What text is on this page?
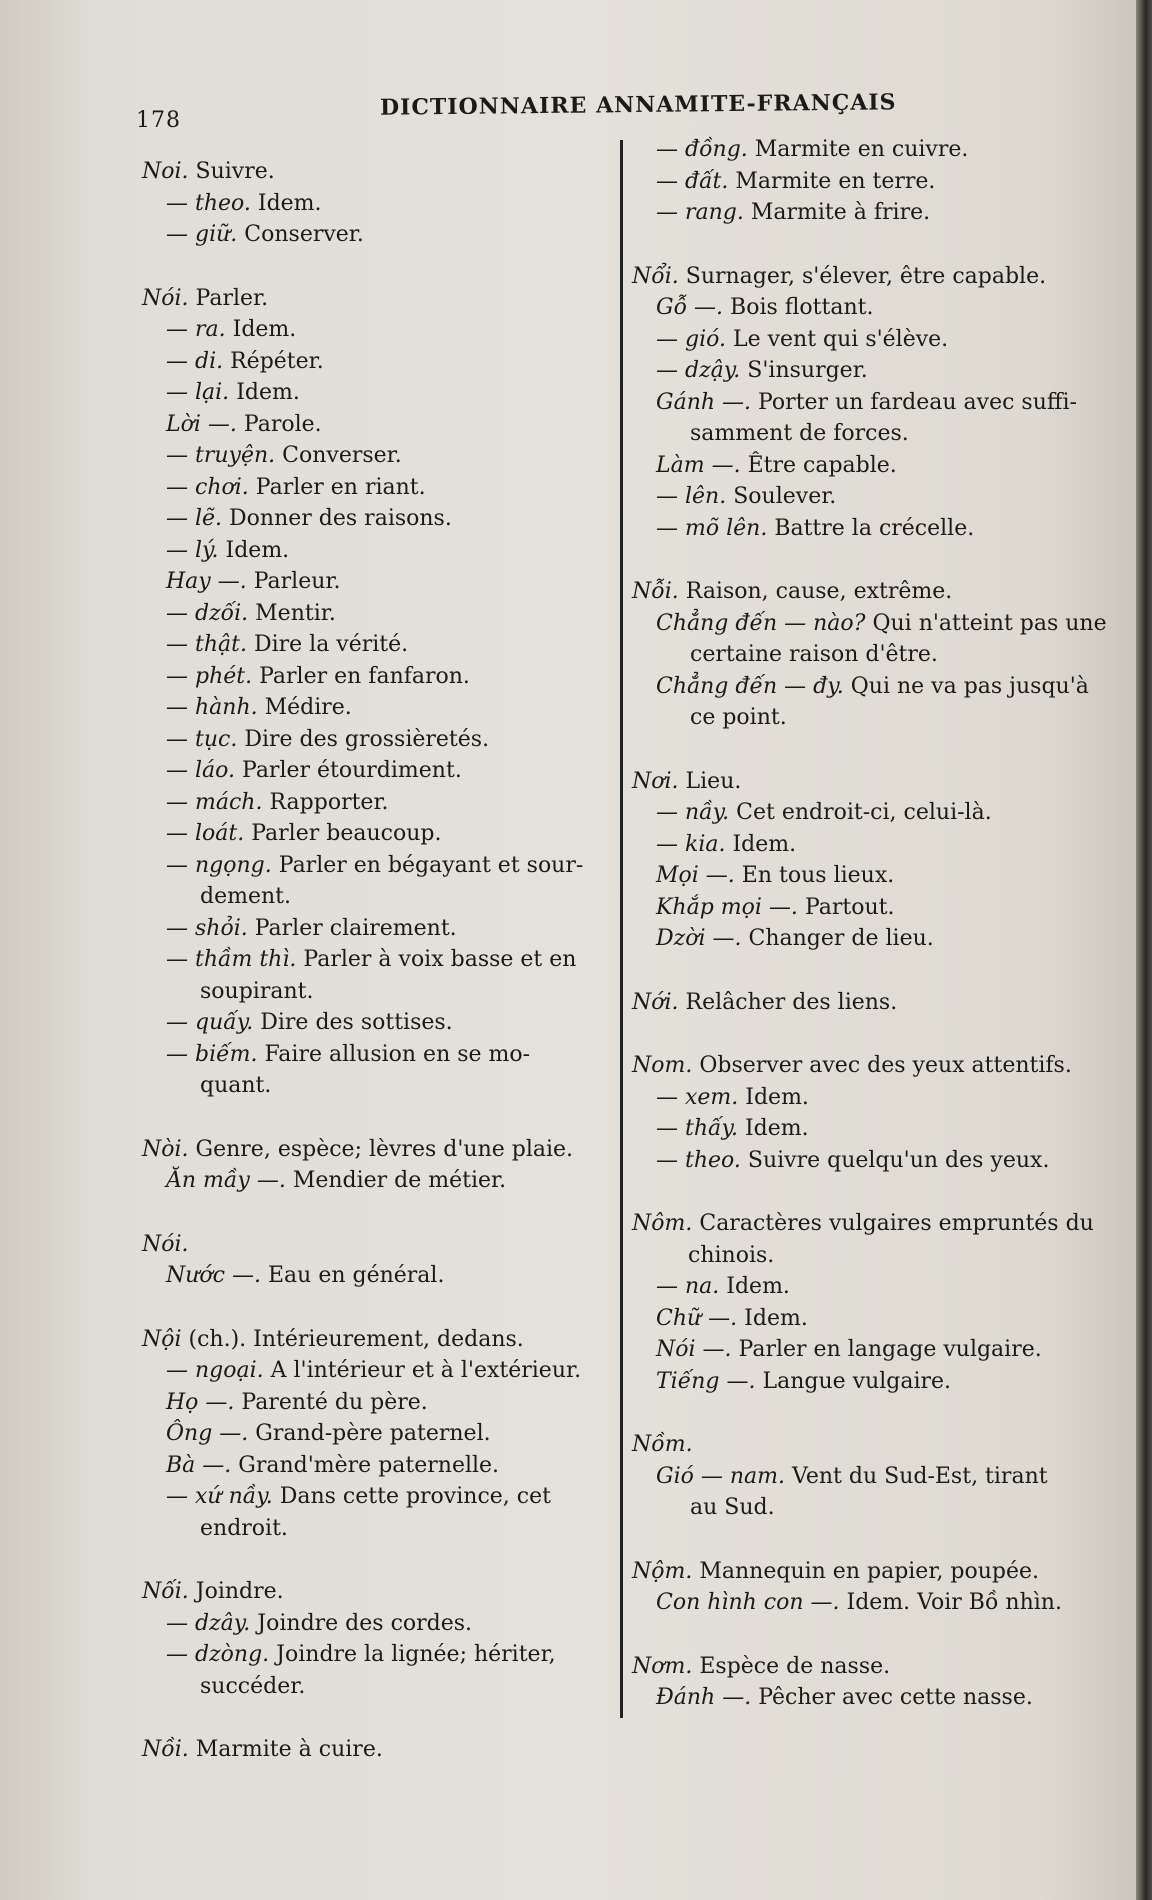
178	DICTIONNAIRE ANNAMITE-FRANÇAIS
Noi. Suivre.
— theo. Idem.
— giữ. Conserver.
Nói. Parler.
— ra. Idem.
— di. Répéter.
— lại. Idem.
Lời —. Parole.
— truyện. Converser.
— chơi. Parler en riant.
— lẽ. Donner des raisons.
— lý. Idem.
Hay —. Parleur.
— dzối. Mentir.
— thật. Dire la vérité.
— phét. Parler en fanfaron.
— hành. Médire.
— tục. Dire des grossièretés.
— láo. Parler étourdiment.
— mách. Rapporter.
— loát. Parler beaucoup.
— ngọng. Parler en bégayant et sour-
dement.
— shỏi. Parler clairement.
— thầm thì. Parler à voix basse et en
soupirant.
— quấy. Dire des sottises.
— biếm. Faire allusion en se mo-
quant.
Nòi. Genre, espèce; lèvres d'une plaie.
Ăn mầy —. Mendier de métier.
Nói.
Nước —. Eau en général.
Nội (ch.). Intérieurement, dedans.
— ngoại. A l'intérieur et à l'extérieur.
Họ —. Parenté du père.
Ông —. Grand-père paternel.
Bà —. Grand'mère paternelle.
— xứ nầy. Dans cette province, cet
endroit.
Nối. Joindre.
— dzây. Joindre des cordes.
— dzòng. Joindre la lignée; hériter,
succéder.
Nồi. Marmite à cuire.
— đồng. Marmite en cuivre.
— đất. Marmite en terre.
— rang. Marmite à frire.
Nổi. Surnager, s'élever, être capable.
Gỗ —. Bois flottant.
— gió. Le vent qui s'élève.
— dzậy. S'insurger.
Gánh —. Porter un fardeau avec suffi-
samment de forces.
Làm —. Être capable.
— lên. Soulever.
— mõ lên. Battre la crécelle.
Nỗi. Raison, cause, extrême.
Chẳng đến — nào? Qui n'atteint pas une
certaine raison d'être.
Chẳng đến — đy. Qui ne va pas jusqu'à
ce point.
Nơi. Lieu.
— nầy. Cet endroit-ci, celui-là.
— kia. Idem.
Mọi —. En tous lieux.
Khắp mọi —. Partout.
Dzời —. Changer de lieu.
Nới. Relâcher des liens.
Nom. Observer avec des yeux attentifs.
— xem. Idem.
— thấy. Idem.
— theo. Suivre quelqu'un des yeux.
Nôm. Caractères vulgaires empruntés du
chinois.
— na. Idem.
Chữ —. Idem.
Nói —. Parler en langage vulgaire.
Tiếng —. Langue vulgaire.
Nồm.
Gió — nam. Vent du Sud-Est, tirant
au Sud.
Nộm. Mannequin en papier, poupée.
Con hình con —. Idem. Voir Bồ nhìn.
Nơm. Espèce de nasse.
Đánh —. Pêcher avec cette nasse.
